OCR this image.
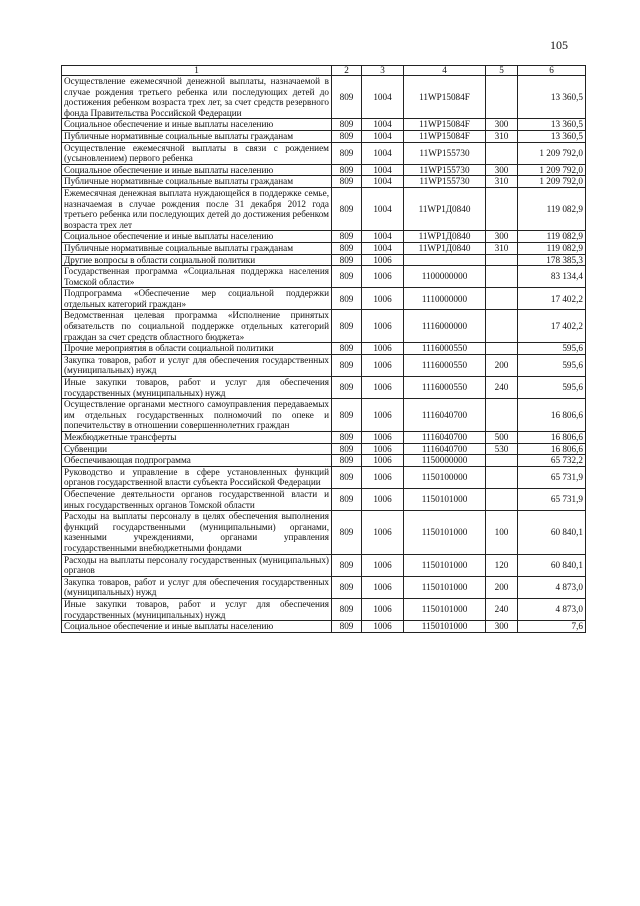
105
1	2	3	4	5	6
Осуществление ежемесячной денежной выплаты, назначаемой в случае рождения третьего ребенка или последующих детей до достижения ребенком возраста трех лет, за счет средств резервного фонда Правительства Российской Федерации	809	1004	11WP15084F		13 360,5
Социальное обеспечение и иные выплаты населению	809	1004	11WP15084F	300	13 360,5
Публичные нормативные социальные выплаты гражданам	809	1004	11WP15084F	310	13 360,5
Осуществление ежемесячной выплаты в связи с рождением (усыновлением) первого ребенка	809	1004	11WP155730		1 209 792,0
Социальное обеспечение и иные выплаты населению	809	1004	11WP155730	300	1 209 792,0
Публичные нормативные социальные выплаты гражданам	809	1004	11WP155730	310	1 209 792,0
Ежемесячная денежная выплата нуждающейся в поддержке семье, назначаемая в случае рождения после 31 декабря 2012 года третьего ребенка или последующих детей до достижения ребенком возраста трех лет	809	1004	11WP1Д0840		119 082,9
Социальное обеспечение и иные выплаты населению	809	1004	11WP1Д0840	300	119 082,9
Публичные нормативные социальные выплаты гражданам	809	1004	11WP1Д0840	310	119 082,9
Другие вопросы в области социальной политики	809	1006			178 385,3
Государственная программа «Социальная поддержка населения Томской области»	809	1006	1100000000		83 134,4
Подпрограмма «Обеспечение мер социальной поддержки отдельных категорий граждан»	809	1006	1110000000		17 402,2
Ведомственная целевая программа «Исполнение принятых обязательств по социальной поддержке отдельных категорий граждан за счет средств областного бюджета»	809	1006	1116000000		17 402,2
Прочие мероприятия в области социальной политики	809	1006	1116000550		595,6
Закупка товаров, работ и услуг для обеспечения государственных (муниципальных) нужд	809	1006	1116000550	200	595,6
Иные закупки товаров, работ и услуг для обеспечения государственных (муниципальных) нужд	809	1006	1116000550	240	595,6
Осуществление органами местного самоуправления передаваемых им отдельных государственных полномочий по опеке и попечительству в отношении совершеннолетних граждан	809	1006	1116040700		16 806,6
Межбюджетные трансферты	809	1006	1116040700	500	16 806,6
Субвенции	809	1006	1116040700	530	16 806,6
Обеспечивающая подпрограмма	809	1006	1150000000		65 732,2
Руководство и управление в сфере установленных функций органов государственной власти субъекта Российской Федерации	809	1006	1150100000		65 731,9
Обеспечение деятельности органов государственной власти и иных государственных органов Томской области	809	1006	1150101000		65 731,9
Расходы на выплаты персоналу в целях обеспечения выполнения функций государственными (муниципальными) органами, казенными учреждениями, органами управления государственными внебюджетными фондами	809	1006	1150101000	100	60 840,1
Расходы на выплаты персоналу государственных (муниципальных) органов	809	1006	1150101000	120	60 840,1
Закупка товаров, работ и услуг для обеспечения государственных (муниципальных) нужд	809	1006	1150101000	200	4 873,0
Иные закупки товаров, работ и услуг для обеспечения государственных (муниципальных) нужд	809	1006	1150101000	240	4 873,0
Социальное обеспечение и иные выплаты населению	809	1006	1150101000	300	7,6
